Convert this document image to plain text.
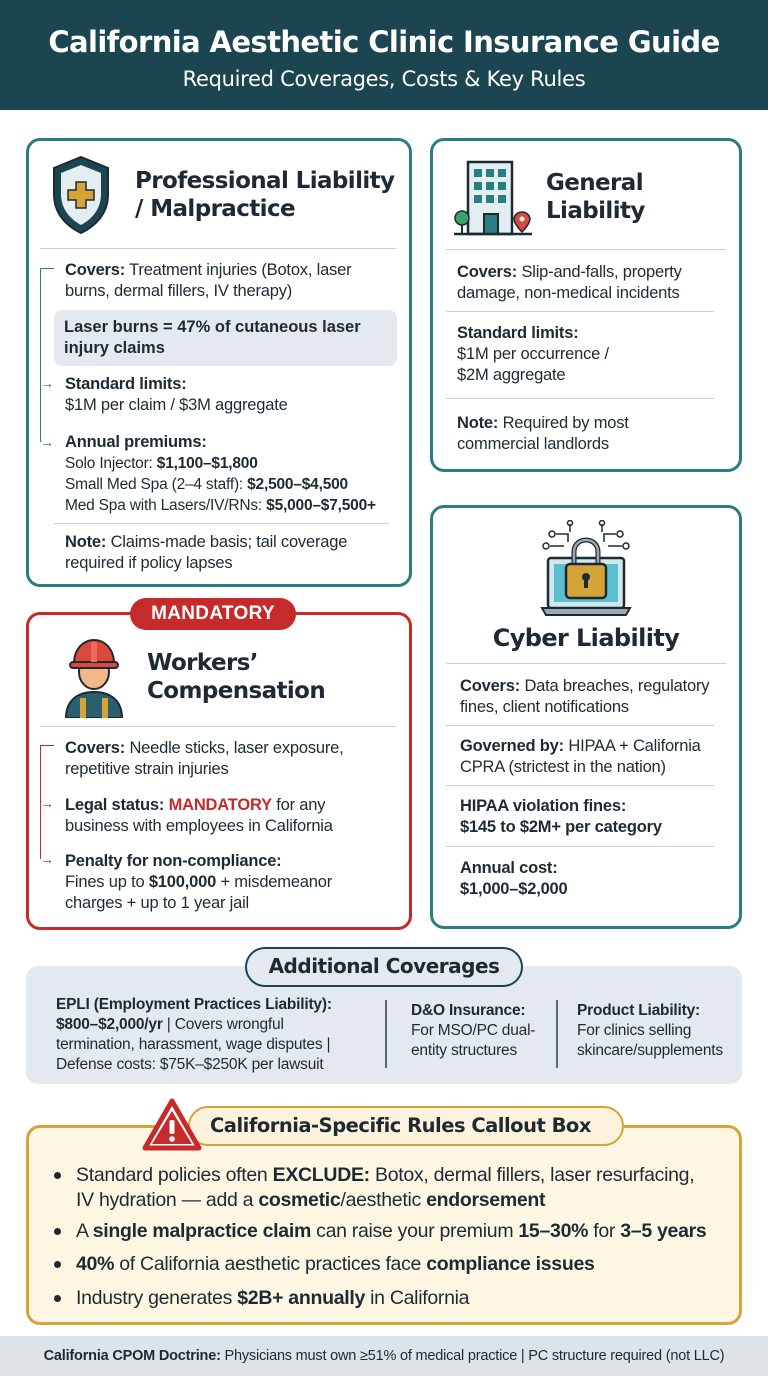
California Aesthetic Clinic Insurance Guide
Required Coverages, Costs & Key Rules
Professional Liability
/ Malpractice
→
→
Covers: Treatment injuries (Botox, laser
burns, dermal fillers, IV therapy)
Laser burns = 47% of cutaneous laser
injury claims
Standard limits:
$1M per claim / $3M aggregate
Annual premiums:
Solo Injector: $1,100–$1,800
Small Med Spa (2–4 staff): $2,500–$4,500
Med Spa with Lasers/IV/RNs: $5,000–$7,500+
Note: Claims-made basis; tail coverage
required if policy lapses
General
Liability
Covers: Slip-and-falls, property
damage, non-medical incidents
Standard limits:
$1M per occurrence /
$2M aggregate
Note: Required by most
commercial landlords
MANDATORY
Workers’
Compensation
→
→
Covers: Needle sticks, laser exposure,
repetitive strain injuries
Legal status: MANDATORY for any
business with employees in California
Penalty for non-compliance:
Fines up to $100,000 + misdemeanor
charges + up to 1 year jail
Cyber Liability
Covers: Data breaches, regulatory
fines, client notifications
Governed by: HIPAA + California
CPRA (strictest in the nation)
HIPAA violation fines:
$145 to $2M+ per category
Annual cost:
$1,000–$2,000
Additional Coverages
EPLI (Employment Practices Liability):
$800–$2,000/yr | Covers wrongful
termination, harassment, wage disputes |
Defense costs: $75K–$250K per lawsuit
D&O Insurance:
For MSO/PC dual-
entity structures
Product Liability:
For clinics selling
skincare/supplements
California-Specific Rules Callout Box
Standard policies often EXCLUDE: Botox, dermal fillers, laser resurfacing,
IV hydration — add a cosmetic/aesthetic endorsement
A single malpractice claim can raise your premium 15–30% for 3–5 years
40% of California aesthetic practices face compliance issues
Industry generates $2B+ annually in California
California CPOM Doctrine: Physicians must own ≥51% of medical practice | PC structure required (not LLC)
